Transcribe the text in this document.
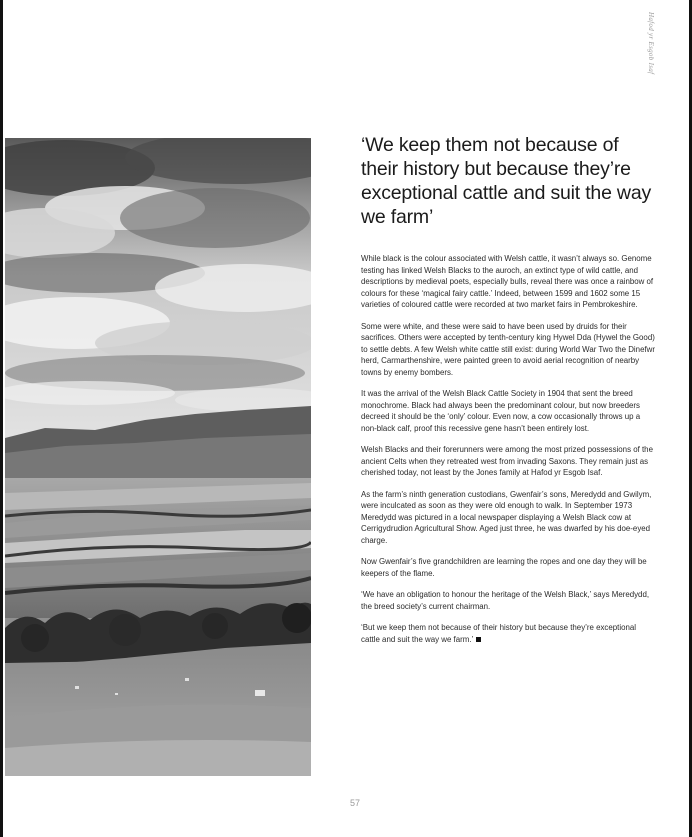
Hafod yr Esgob Isaf
‘We keep them not because of their history but because they’re exceptional cattle and suit the way we farm’

While black is the colour associated with Welsh cattle, it wasn’t always so. Genome testing has linked Welsh Blacks to the auroch, an extinct type of wild cattle, and descriptions by medieval poets, especially bulls, reveal there was once a rainbow of colours for these ‘magical fairy cattle.’ Indeed, between 1599 and 1602 some 15 varieties of coloured cattle were recorded at two market fairs in Pembrokeshire.

Some were white, and these were said to have been used by druids for their sacrifices. Others were accepted by tenth-century king Hywel Dda (Hywel the Good) to settle debts. A few Welsh white cattle still exist: during World War Two the Dinefwr herd, Carmarthenshire, were painted green to avoid aerial recognition of nearby towns by enemy bombers.

It was the arrival of the Welsh Black Cattle Society in 1904 that sent the breed monochrome. Black had always been the predominant colour, but now breeders decreed it should be the ‘only’ colour. Even now, a cow occasionally throws up a non-black calf, proof this recessive gene hasn’t been entirely lost.

Welsh Blacks and their forerunners were among the most prized possessions of the ancient Celts when they retreated west from invading Saxons. They remain just as cherished today, not least by the Jones family at Hafod yr Esgob Isaf.

As the farm’s ninth generation custodians, Gwenfair’s sons, Meredydd and Gwilym, were inculcated as soon as they were old enough to walk. In September 1973 Meredydd was pictured in a local newspaper displaying a Welsh Black cow at Cerrigydrudion Agricultural Show. Aged just three, he was dwarfed by his doe-eyed charge.

Now Gwenfair’s five grandchildren are learning the ropes and one day they will be keepers of the flame.

‘We have an obligation to honour the heritage of the Welsh Black,’ says Meredydd, the breed society’s current chairman.

‘But we keep them not because of their history but because they’re exceptional cattle and suit the way we farm.’

57
